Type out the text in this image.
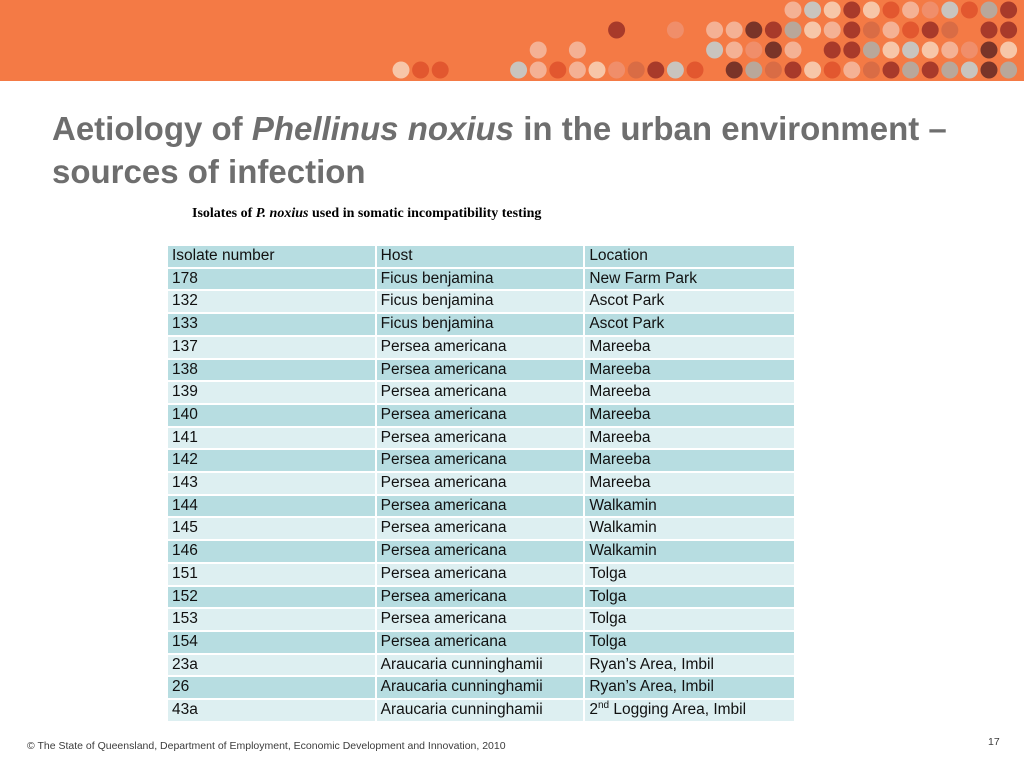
Aetiology of Phellinus noxius in the urban environment – sources of infection
Isolates of P. noxius used in somatic incompatibility testing
Isolate number	Host	Location
178	Ficus benjamina	New Farm Park
132	Ficus benjamina	Ascot Park
133	Ficus benjamina	Ascot Park
137	Persea americana	Mareeba
138	Persea americana	Mareeba
139	Persea americana	Mareeba
140	Persea americana	Mareeba
141	Persea americana	Mareeba
142	Persea americana	Mareeba
143	Persea americana	Mareeba
144	Persea americana	Walkamin
145	Persea americana	Walkamin
146	Persea americana	Walkamin
151	Persea americana	Tolga
152	Persea americana	Tolga
153	Persea americana	Tolga
154	Persea americana	Tolga
23a	Araucaria cunninghamii	Ryan’s Area, Imbil
26	Araucaria cunninghamii	Ryan’s Area, Imbil
43a	Araucaria cunninghamii	2nd Logging Area, Imbil
© The State of Queensland, Department of Employment, Economic Development and Innovation, 2010	17
